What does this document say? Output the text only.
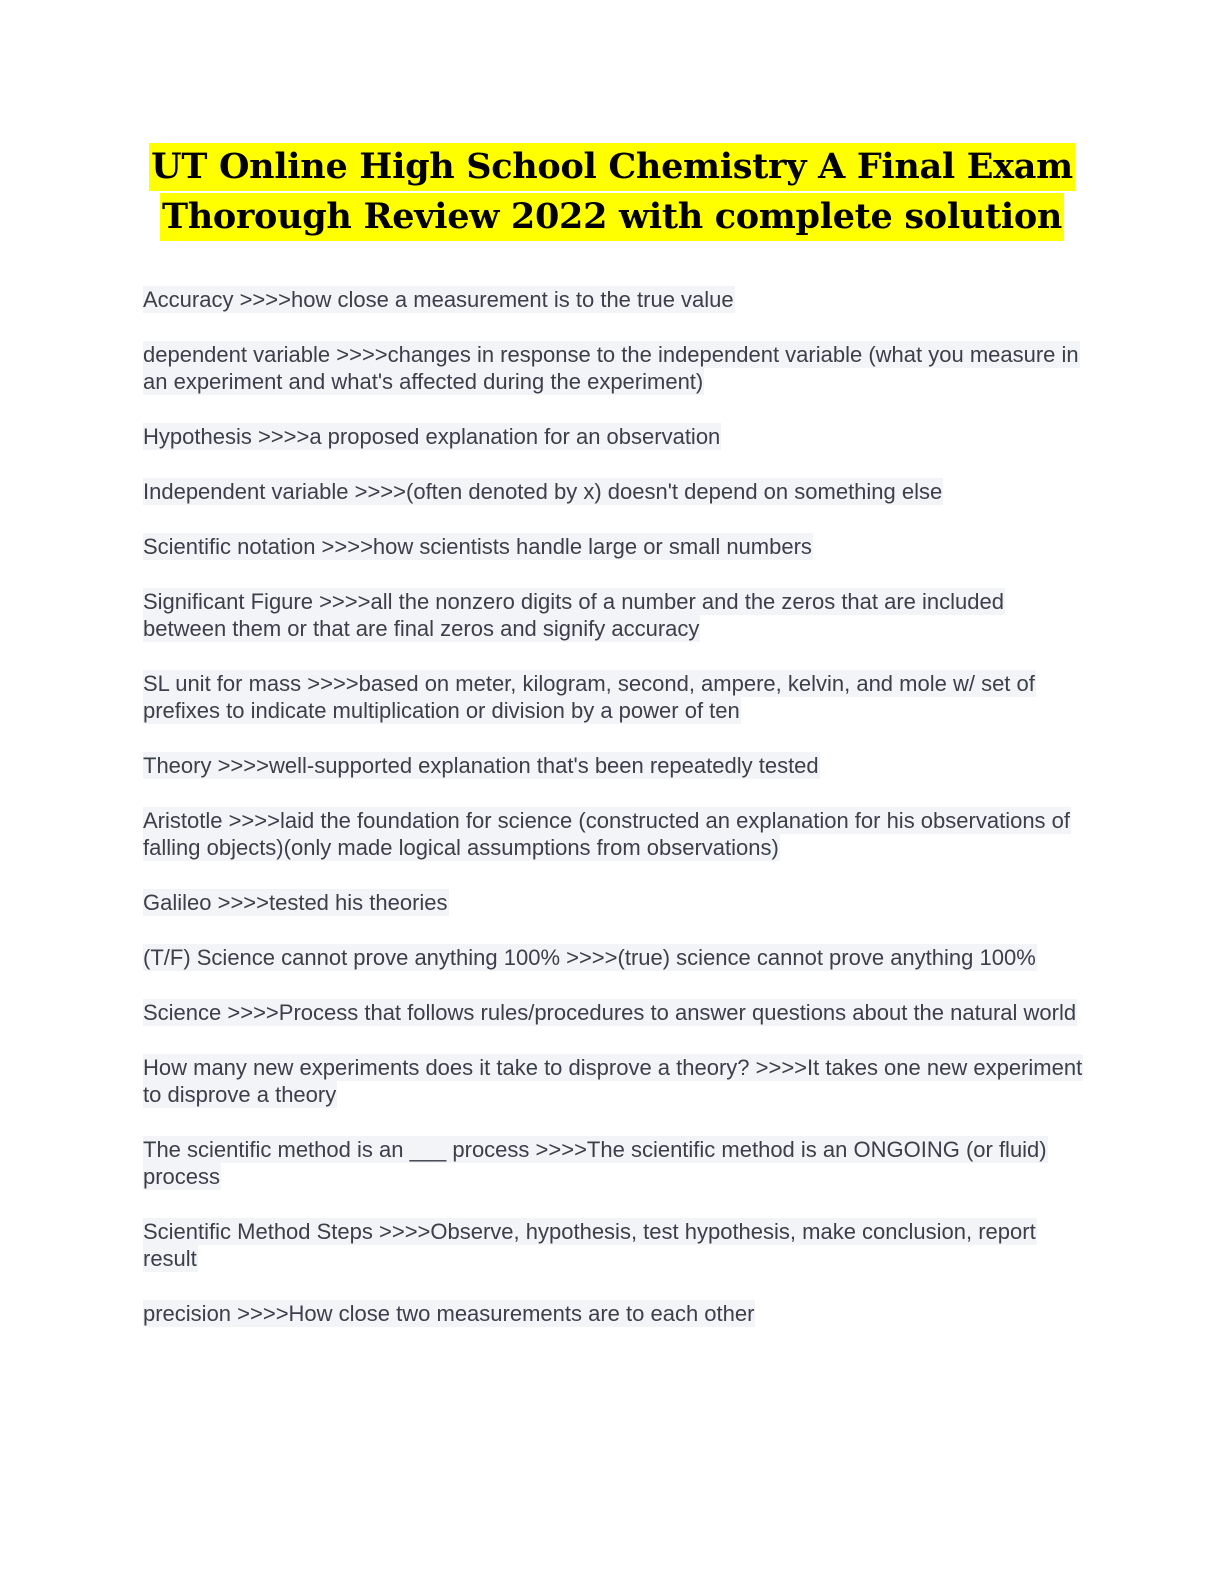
UT Online High School Chemistry A Final Exam
Thorough Review 2022 with complete solution

Accuracy >>>>how close a measurement is to the true value

dependent variable >>>>changes in response to the independent variable (what you measure in an experiment and what's affected during the experiment)

Hypothesis >>>>a proposed explanation for an observation

Independent variable >>>>(often denoted by x) doesn't depend on something else

Scientific notation >>>>how scientists handle large or small numbers

Significant Figure >>>>all the nonzero digits of a number and the zeros that are included between them or that are final zeros and signify accuracy

SL unit for mass >>>>based on meter, kilogram, second, ampere, kelvin, and mole w/ set of prefixes to indicate multiplication or division by a power of ten

Theory >>>>well-supported explanation that's been repeatedly tested

Aristotle >>>>laid the foundation for science (constructed an explanation for his observations of falling objects)(only made logical assumptions from observations)

Galileo >>>>tested his theories

(T/F) Science cannot prove anything 100% >>>>(true) science cannot prove anything 100%

Science >>>>Process that follows rules/procedures to answer questions about the natural world

How many new experiments does it take to disprove a theory? >>>>It takes one new experiment to disprove a theory

The scientific method is an ___ process >>>>The scientific method is an ONGOING (or fluid) process

Scientific Method Steps >>>>Observe, hypothesis, test hypothesis, make conclusion, report result

precision >>>>How close two measurements are to each other
